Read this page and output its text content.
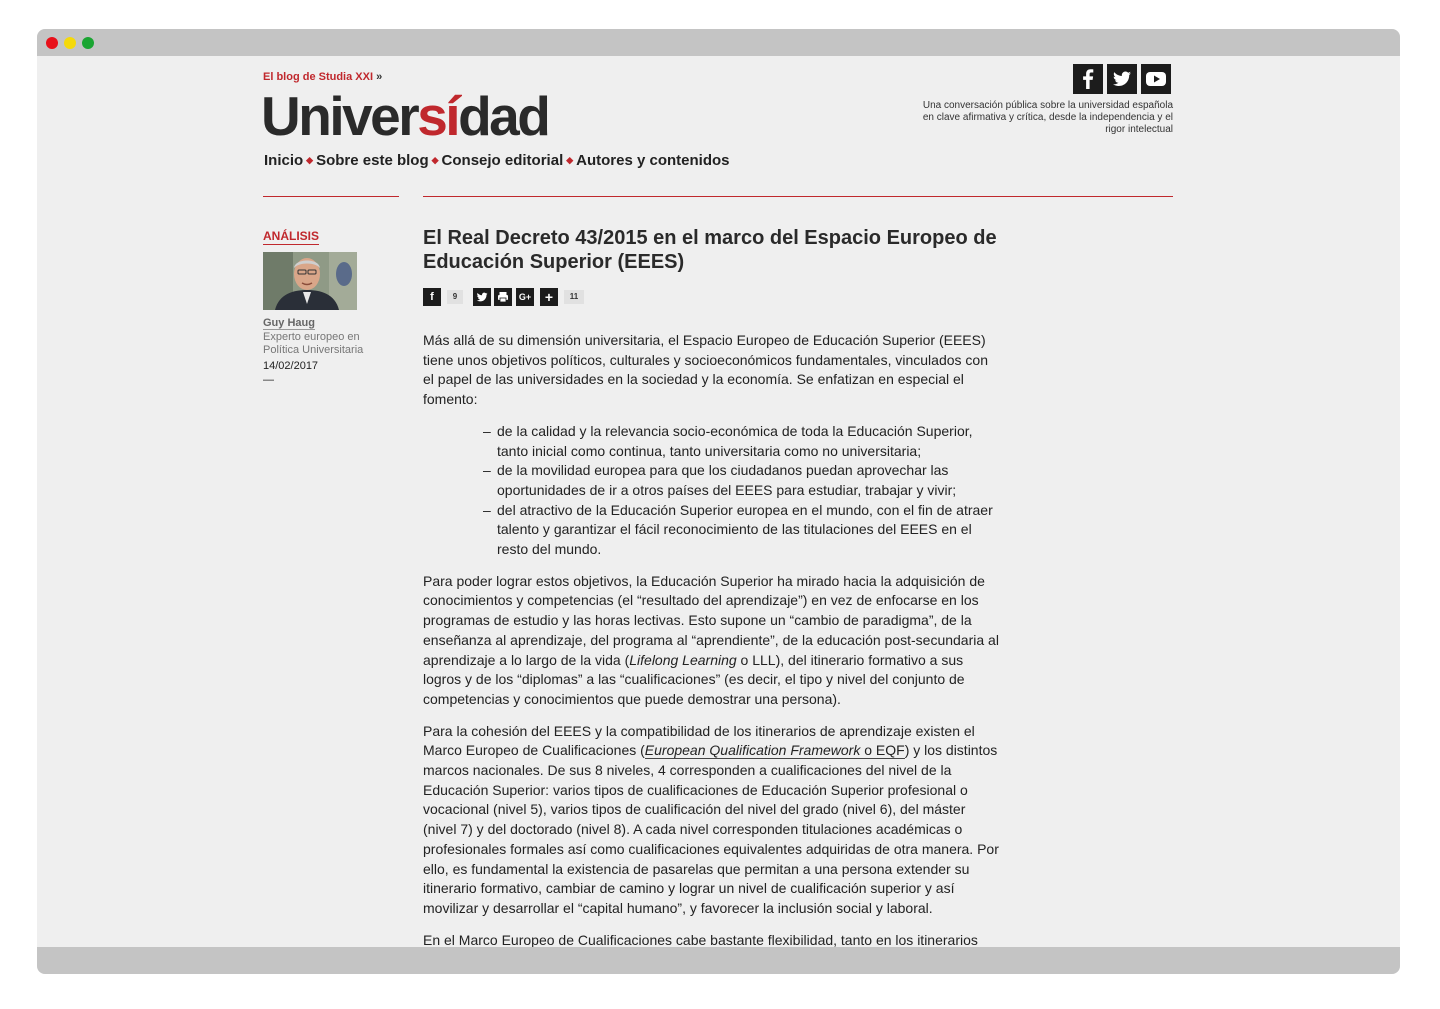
El blog de Studia XXI »
Universídad
Inicio ◆ Sobre este blog ◆ Consejo editorial ◆ Autores y contenidos
Una conversación pública sobre la universidad española en clave afirmativa y crítica, desde la independencia y el rigor intelectual
ANÁLISIS
Guy Haug
Experto europeo en Política Universitaria
14/02/2017
—
El Real Decreto 43/2015 en el marco del Espacio Europeo de Educación Superior (EEES)
f	9	G+ +	11

Más allá de su dimensión universitaria, el Espacio Europeo de Educación Superior (EEES) tiene unos objetivos políticos, culturales y socioeconómicos fundamentales, vinculados con el papel de las universidades en la sociedad y la economía. Se enfatizan en especial el fomento:

– de la calidad y la relevancia socio-económica de toda la Educación Superior, tanto inicial como continua, tanto universitaria como no universitaria;
– de la movilidad europea para que los ciudadanos puedan aprovechar las oportunidades de ir a otros países del EEES para estudiar, trabajar y vivir;
– del atractivo de la Educación Superior europea en el mundo, con el fin de atraer talento y garantizar el fácil reconocimiento de las titulaciones del EEES en el resto del mundo.

Para poder lograr estos objetivos, la Educación Superior ha mirado hacia la adquisición de conocimientos y competencias (el “resultado del aprendizaje”) en vez de enfocarse en los programas de estudio y las horas lectivas. Esto supone un “cambio de paradigma”, de la enseñanza al aprendizaje, del programa al “aprendiente”, de la educación post-secundaria al aprendizaje a lo largo de la vida (Lifelong Learning o LLL), del itinerario formativo a sus logros y de los “diplomas” a las “cualificaciones” (es decir, el tipo y nivel del conjunto de competencias y conocimientos que puede demostrar una persona).

Para la cohesión del EEES y la compatibilidad de los itinerarios de aprendizaje existen el Marco Europeo de Cualificaciones (European Qualification Framework o EQF) y los distintos marcos nacionales. De sus 8 niveles, 4 corresponden a cualificaciones del nivel de la Educación Superior: varios tipos de cualificaciones de Educación Superior profesional o vocacional (nivel 5), varios tipos de cualificación del nivel del grado (nivel 6), del máster (nivel 7) y del doctorado (nivel 8). A cada nivel corresponden titulaciones académicas o profesionales formales así como cualificaciones equivalentes adquiridas de otra manera. Por ello, es fundamental la existencia de pasarelas que permitan a una persona extender su itinerario formativo, cambiar de camino y lograr un nivel de cualificación superior y así movilizar y desarrollar el “capital humano”, y favorecer la inclusión social y laboral.

En el Marco Europeo de Cualificaciones cabe bastante flexibilidad, tanto en los itinerarios
